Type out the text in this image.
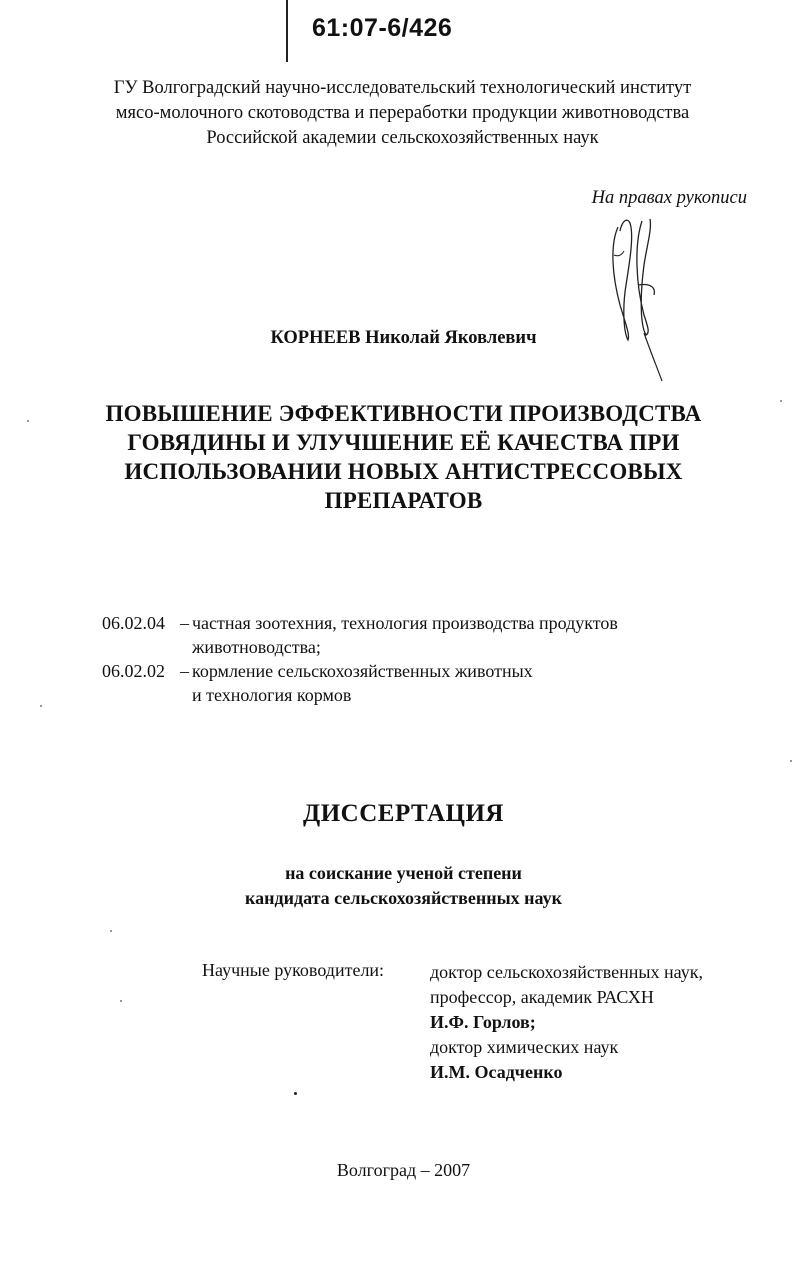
61:07-6/426
ГУ Волгоградский научно-исследовательский технологический институт
мясо-молочного скотоводства и переработки продукции животноводства
Российской академии сельскохозяйственных наук
На правах рукописи
КОРНЕЕВ Николай Яковлевич
ПОВЫШЕНИЕ ЭФФЕКТИВНОСТИ ПРОИЗВОДСТВА
ГОВЯДИНЫ И УЛУЧШЕНИЕ ЕЁ КАЧЕСТВА ПРИ
ИСПОЛЬЗОВАНИИ НОВЫХ АНТИСТРЕССОВЫХ
ПРЕПАРАТОВ
06.02.04 – частная зоотехния, технология производства продуктов
животноводства;
06.02.02 – кормление сельскохозяйственных животных
и технология кормов
ДИССЕРТАЦИЯ
на соискание ученой степени
кандидата сельскохозяйственных наук
Научные руководители:	доктор сельскохозяйственных наук,
профессор, академик РАСХН
И.Ф. Горлов;
доктор химических наук
И.М. Осадченко
Волгоград – 2007
